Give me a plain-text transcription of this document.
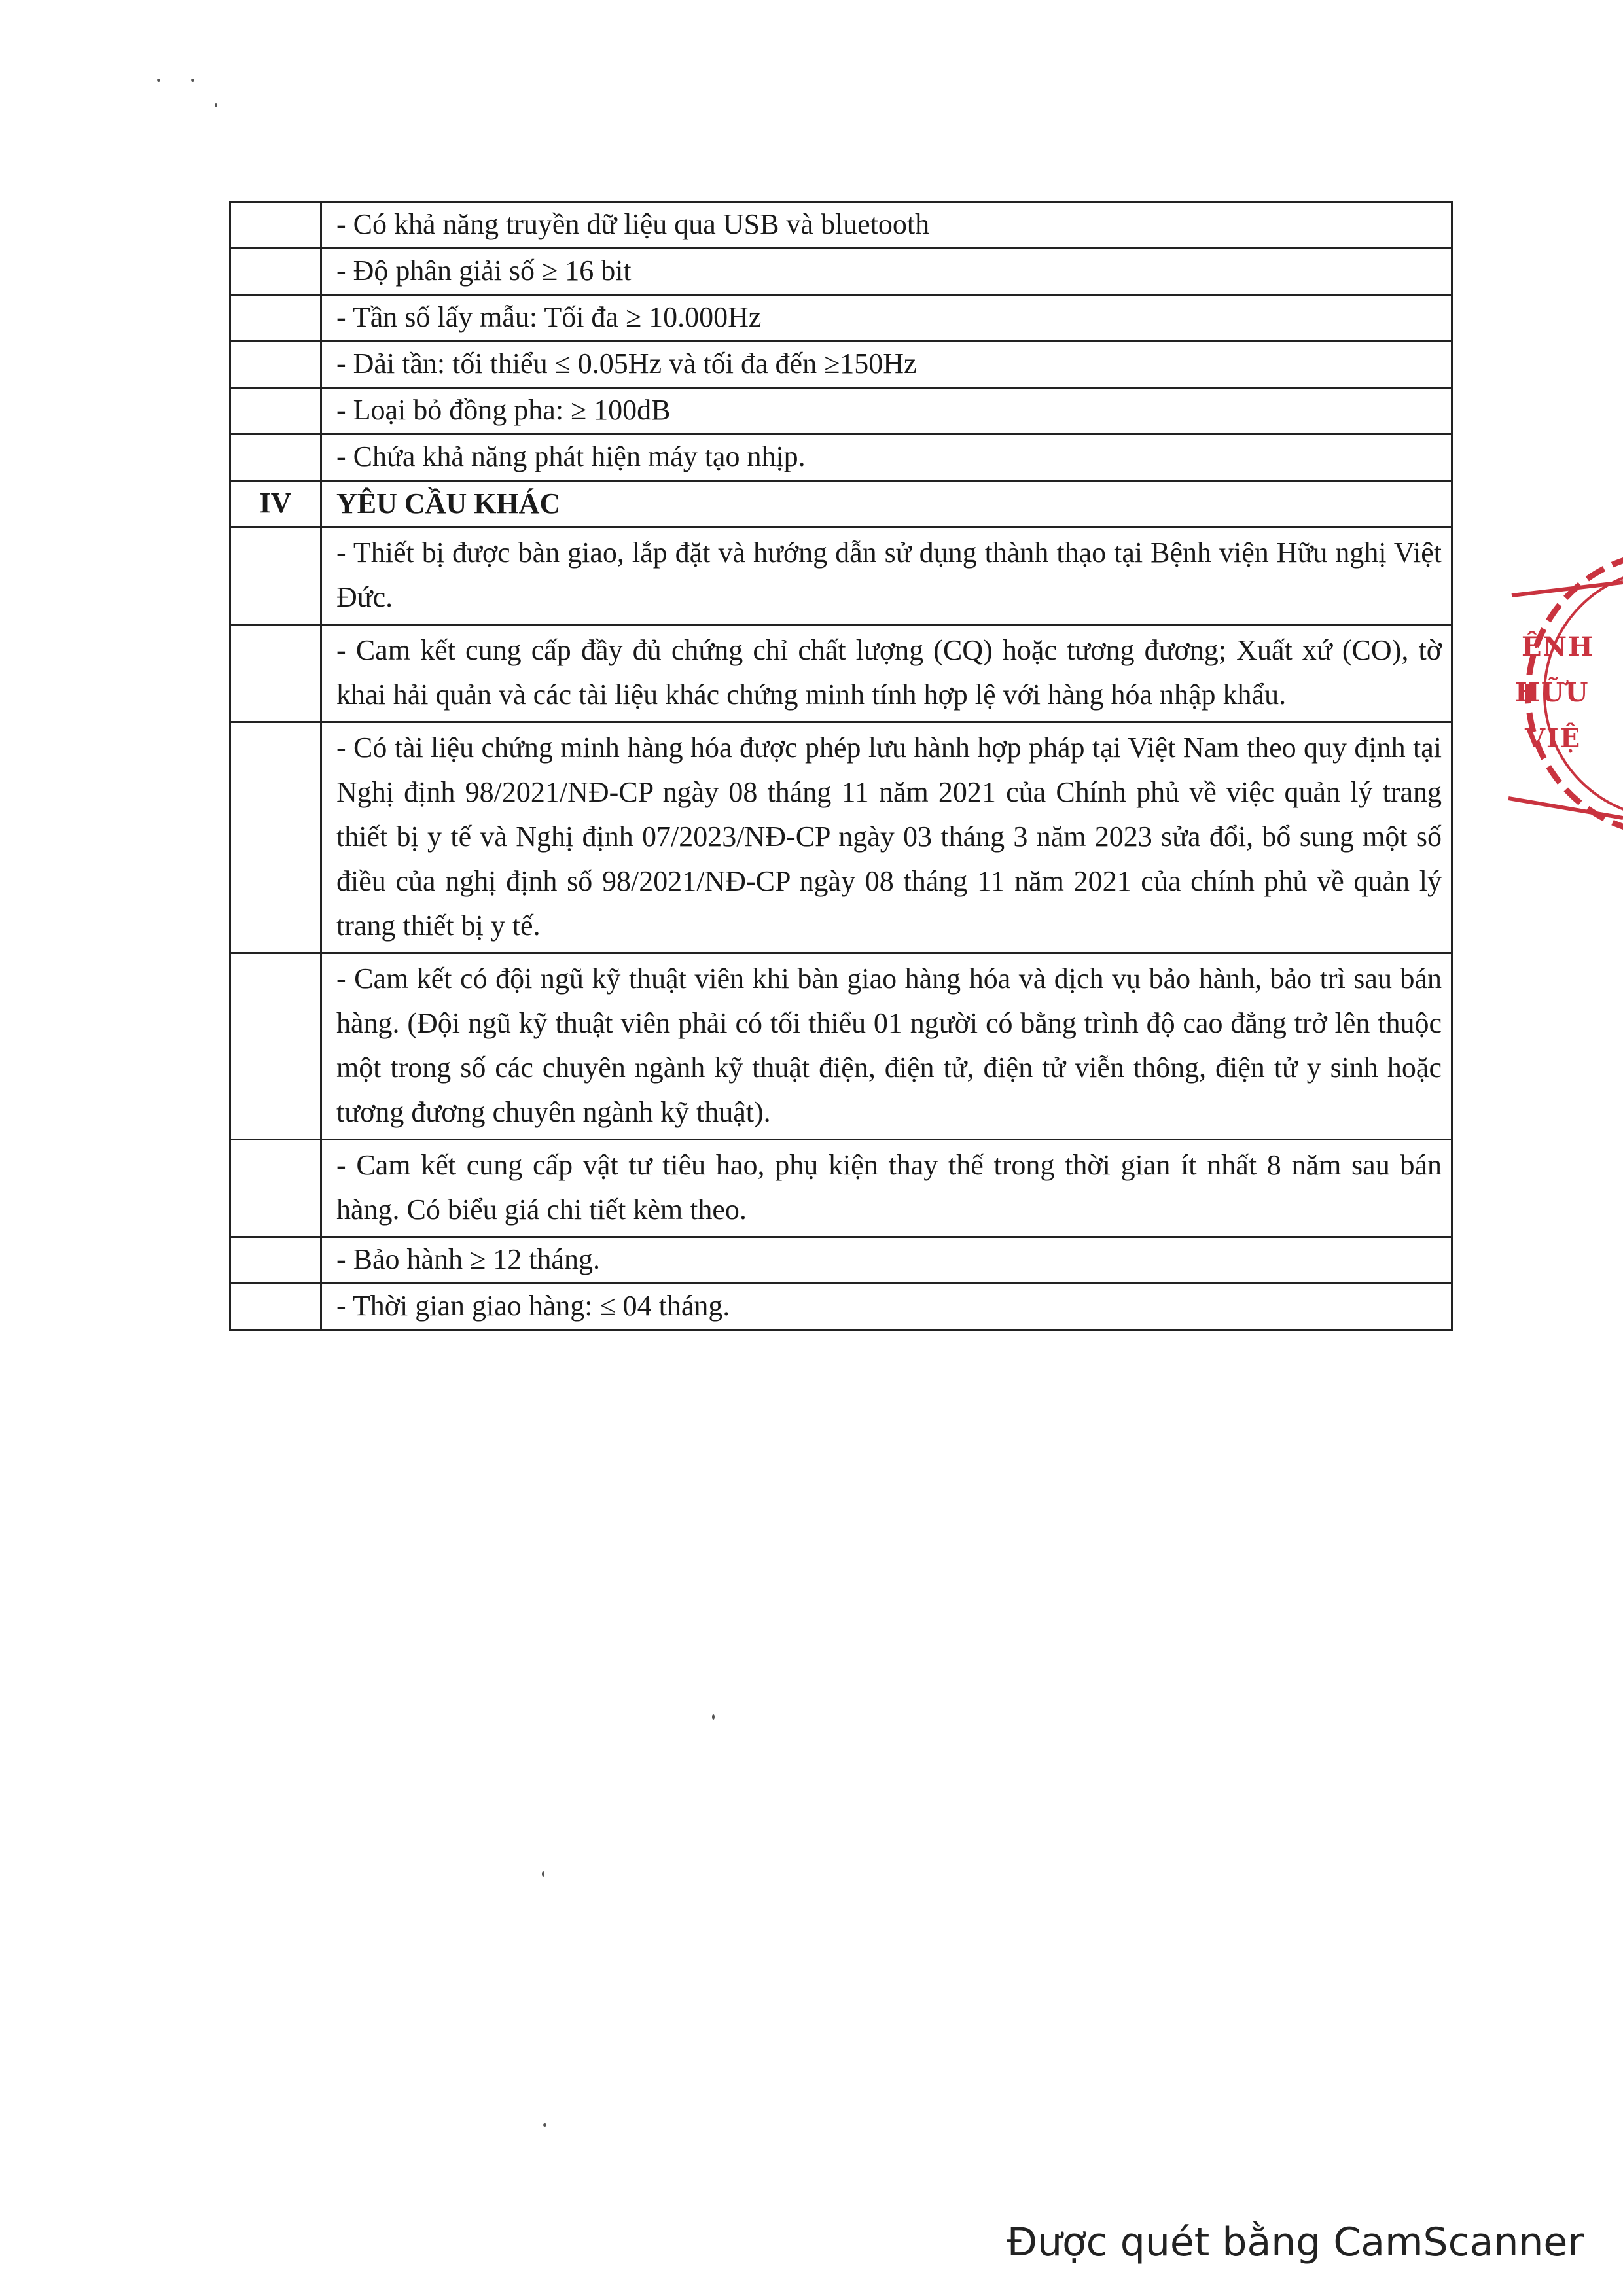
	- Có khả năng truyền dữ liệu qua USB và bluetooth
	- Độ phân giải số ≥ 16 bit
	- Tần số lấy mẫu: Tối đa ≥ 10.000Hz
	- Dải tần: tối thiểu ≤ 0.05Hz và tối đa đến ≥150Hz
	- Loại bỏ đồng pha: ≥ 100dB
	- Chứa khả năng phát hiện máy tạo nhịp.
IV	YÊU CẦU KHÁC
	- Thiết bị được bàn giao, lắp đặt và hướng dẫn sử dụng thành thạo tại Bệnh viện Hữu nghị Việt Đức.
	- Cam kết cung cấp đầy đủ chứng chỉ chất lượng (CQ) hoặc tương đương; Xuất xứ (CO), tờ khai hải quản và các tài liệu khác chứng minh tính hợp lệ với hàng hóa nhập khẩu.
	- Có tài liệu chứng minh hàng hóa được phép lưu hành hợp pháp tại Việt Nam theo quy định tại Nghị định 98/2021/NĐ-CP ngày 08 tháng 11 năm 2021 của Chính phủ về việc quản lý trang thiết bị y tế và Nghị định 07/2023/NĐ-CP ngày 03 tháng 3 năm 2023 sửa đổi, bổ sung một số điều của nghị định số 98/2021/NĐ-CP ngày 08 tháng 11 năm 2021 của chính phủ về quản lý trang thiết bị y tế.
	- Cam kết có đội ngũ kỹ thuật viên khi bàn giao hàng hóa và dịch vụ bảo hành, bảo trì sau bán hàng. (Đội ngũ kỹ thuật viên phải có tối thiểu 01 người có bằng trình độ cao đẳng trở lên thuộc một trong số các chuyên ngành kỹ thuật điện, điện tử, điện tử viễn thông, điện tử y sinh hoặc tương đương chuyên ngành kỹ thuật).
	- Cam kết cung cấp vật tư tiêu hao, phụ kiện thay thế trong thời gian ít nhất 8 năm sau bán hàng. Có biểu giá chi tiết kèm theo.
	- Bảo hành ≥ 12 tháng.
	- Thời gian giao hàng: ≤ 04 tháng.
ỆNH
HỮU
VIỆ
Được quét bằng CamScanner
